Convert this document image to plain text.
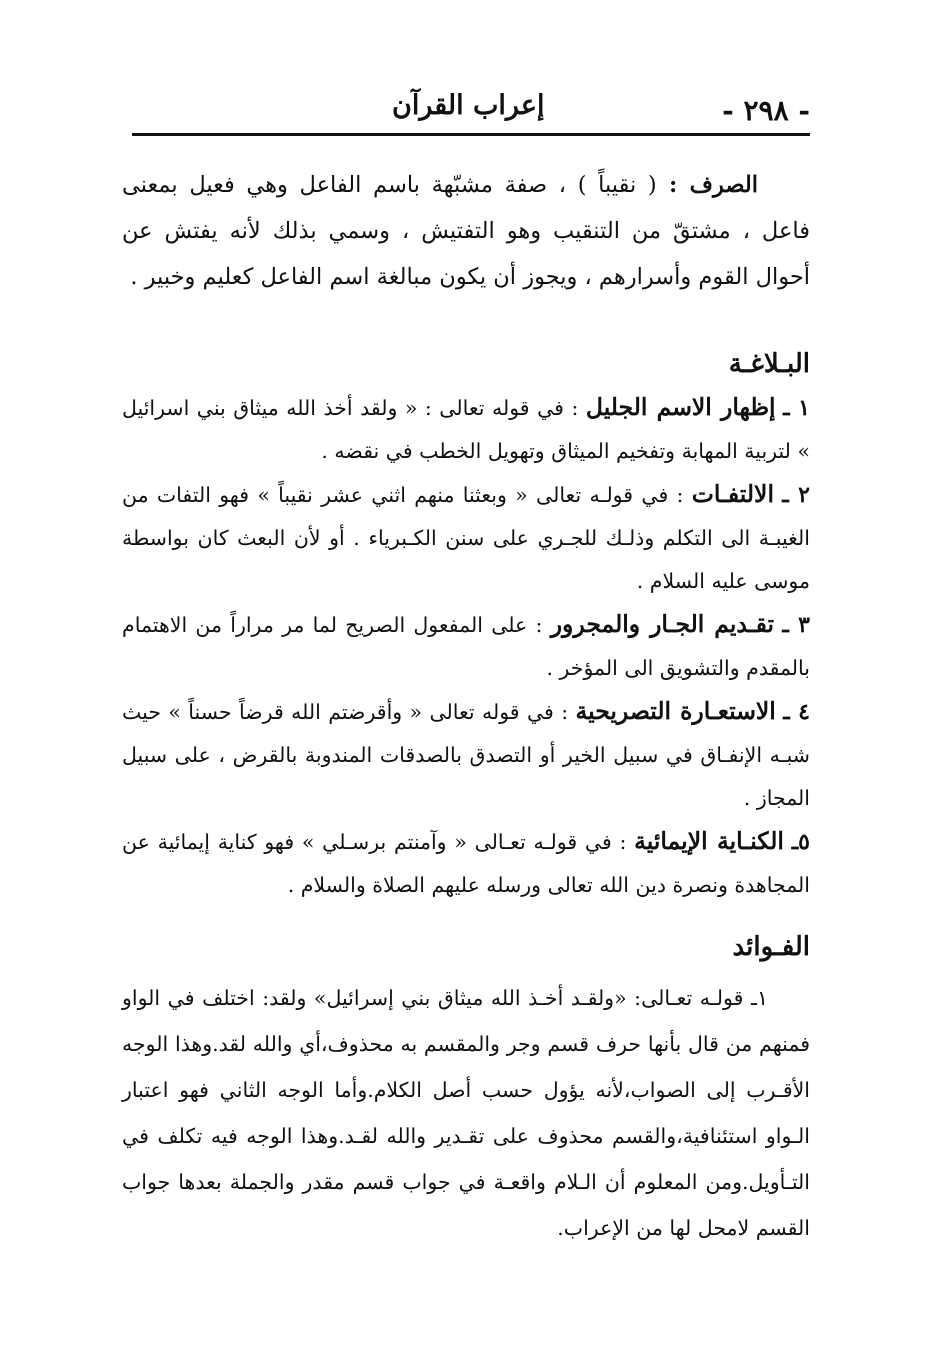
- ٢٩٨ -
إعراب القرآن

الصرف : ( نقيباً ) ، صفة مشبّهة باسم الفاعل وهي فعيل بمعنى فاعل ، مشتقّ من التنقيب وهو التفتيش ، وسمي بذلك لأنه يفتش عن أحوال القوم وأسرارهم ، ويجوز أن يكون مبالغة اسم الفاعل كعليم وخبير .

البـلاغـة

١ ـ إظهار الاسم الجليل : في قوله تعالى : « ولقد أخذ الله ميثاق بني اسرائيل » لتربية المهابة وتفخيم الميثاق وتهويل الخطب في نقضه .

٢ ـ الالتفـات : في قولـه تعالى « وبعثنا منهم اثني عشر نقيباً » فهو التفات من الغيبـة الى التكلم وذلـك للجـري على سنن الكـبرياء . أو لأن البعث كان بواسطة موسى عليه السلام .

٣ ـ تقـديم الجـار والمجرور : على المفعول الصريح لما مر مراراً من الاهتمام بالمقدم والتشويق الى المؤخر .

٤ ـ الاستعـارة التصريحية : في قوله تعالى « وأقرضتم الله قرضاً حسناً » حيث شبـه الإنفـاق في سبيل الخير أو التصدق بالصدقات المندوبة بالقرض ، على سبيل المجاز .

٥ـ الكنـاية الإيمائية : في قولـه تعـالى « وآمنتم برسـلي » فهو كناية إيمائية عن المجاهدة ونصرة دين الله تعالى ورسله عليهم الصلاة والسلام .

الفـوائد

١ـ قولـه تعـالى: «ولقـد أخـذ الله ميثاق بني إسرائيل» ولقد: اختلف في الواو فمنهم من قال بأنها حرف قسم وجر والمقسم به محذوف،أي والله لقد.وهذا الوجه الأقـرب إلى الصواب،لأنه يؤول حسب أصل الكلام.وأما الوجه الثاني فهو اعتبار الـواو استئنافية،والقسم محذوف على تقـدير والله لقـد.وهذا الوجه فيه تكلف في التـأويل.ومن المعلوم أن الـلام واقعـة في جواب قسم مقدر والجملة بعدها جواب القسم لامحل لها من الإعراب.
